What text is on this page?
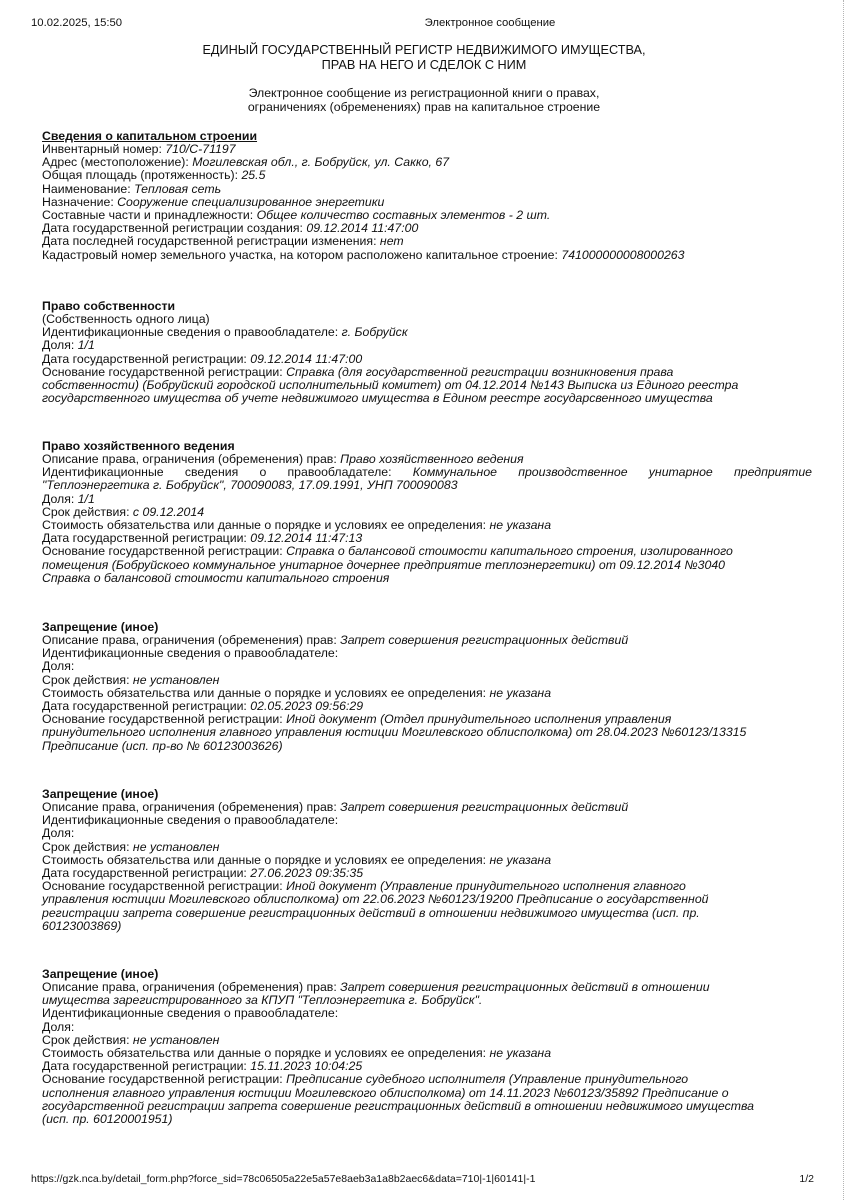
10.02.2025, 15:50	Электронное сообщение
ЕДИНЫЙ ГОСУДАРСТВЕННЫЙ РЕГИСТР НЕДВИЖИМОГО ИМУЩЕСТВА,
ПРАВ НА НЕГО И СДЕЛОК С НИМ
Электронное сообщение из регистрационной книги о правах,
ограничениях (обременениях) прав на капитальное строение
Сведения о капитальном строении
Инвентарный номер: 710/C-71197
Адрес (местоположение): Могилевская обл., г. Бобруйск, ул. Сакко, 67
Общая площадь (протяженность): 25.5
Наименование: Тепловая сеть
Назначение: Сооружение специализированное энергетики
Составные части и принадлежности: Общее количество составных элементов - 2 шт.
Дата государственной регистрации создания: 09.12.2014 11:47:00
Дата последней государственной регистрации изменения: нет
Кадастровый номер земельного участка, на котором расположено капитальное строение: 741000000008000263
Право собственности
(Собственность одного лица)
Идентификационные сведения о правообладателе: г. Бобруйск
Доля: 1/1
Дата государственной регистрации: 09.12.2014 11:47:00
Основание государственной регистрации: Справка (для государственной регистрации возникновения права
собственности) (Бобруйский городской исполнительный комитет) от 04.12.2014 №143 Выписка из Единого реестра
государственного имущества об учете недвижимого имущества в Едином реестре государсвенного имущества
Право хозяйственного ведения
Описание права, ограничения (обременения) прав: Право хозяйственного ведения
Идентификационные сведения о правообладателе: Коммунальное производственное унитарное предприятие
"Теплоэнергетика г. Бобруйск", 700090083, 17.09.1991, УНП 700090083
Доля: 1/1
Срок действия: с 09.12.2014
Стоимость обязательства или данные о порядке и условиях ее определения: не указана
Дата государственной регистрации: 09.12.2014 11:47:13
Основание государственной регистрации: Справка о балансовой стоимости капитального строения, изолированного
помещения (Бобруйскоео коммунальное унитарное дочернее предприятие теплоэнергетики) от 09.12.2014 №3040
Справка о балансовой стоимости капитального строения
Запрещение (иное)
Описание права, ограничения (обременения) прав: Запрет совершения регистрационных действий
Идентификационные сведения о правообладателе:
Доля:
Срок действия: не установлен
Стоимость обязательства или данные о порядке и условиях ее определения: не указана
Дата государственной регистрации: 02.05.2023 09:56:29
Основание государственной регистрации: Иной документ (Отдел принудительного исполнения управления
принудительного исполнения главного управления юстиции Могилевского облисполкома) от 28.04.2023 №60123/13315
Предписание (исп. пр-во № 60123003626)
Запрещение (иное)
Описание права, ограничения (обременения) прав: Запрет совершения регистрационных действий
Идентификационные сведения о правообладателе:
Доля:
Срок действия: не установлен
Стоимость обязательства или данные о порядке и условиях ее определения: не указана
Дата государственной регистрации: 27.06.2023 09:35:35
Основание государственной регистрации: Иной документ (Управление принудительного исполнения главного
управления юстиции Могилевского облисполкома) от 22.06.2023 №60123/19200 Предписание о государственной
регистрации запрета совершение регистрационных действий в отношении недвижимого имущества (исп. пр.
60123003869)
Запрещение (иное)
Описание права, ограничения (обременения) прав: Запрет совершения регистрационных действий в отношении
имущества зарегистрированного за КПУП "Теплоэнергетика г. Бобруйск".
Идентификационные сведения о правообладателе:
Доля:
Срок действия: не установлен
Стоимость обязательства или данные о порядке и условиях ее определения: не указана
Дата государственной регистрации: 15.11.2023 10:04:25
Основание государственной регистрации: Предписание судебного исполнителя (Управление принудительного
исполнения главного управления юстиции Могилевского облисполкома) от 14.11.2023 №60123/35892 Предписание о
государственной регистрации запрета совершение регистрационных действий в отношении недвижимого имущества
(исп. пр. 60120001951)
https://gzk.nca.by/detail_form.php?force_sid=78c06505a22e5a57e8aeb3a1a8b2aec6&data=710|-1|60141|-1	1/2
